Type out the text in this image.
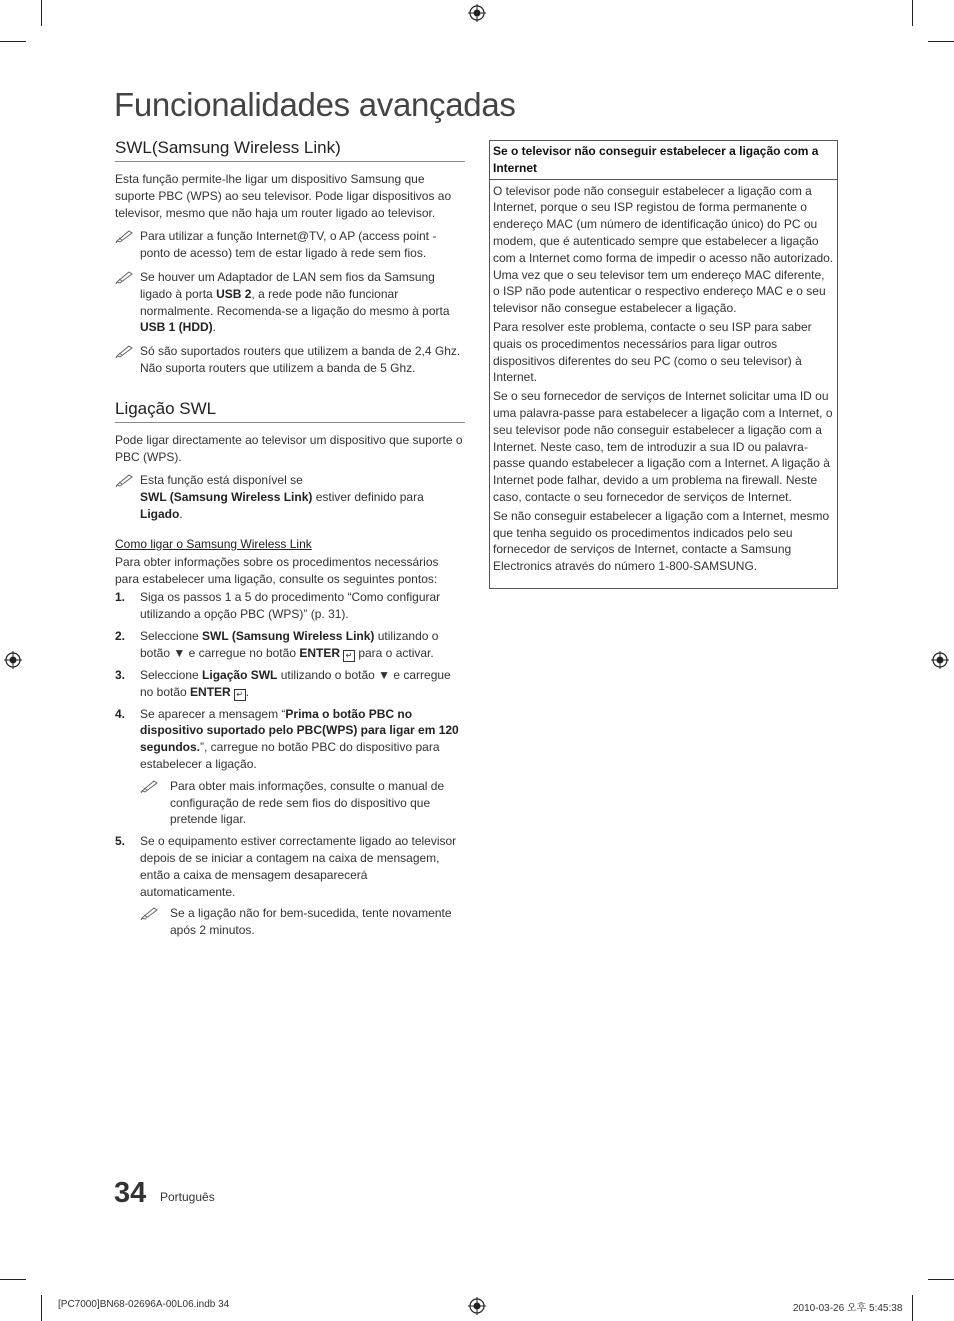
Funcionalidades avançadas
SWL(Samsung Wireless Link)

Esta função permite-lhe ligar um dispositivo Samsung que suporte PBC (WPS) ao seu televisor. Pode ligar dispositivos ao televisor, mesmo que não haja um router ligado ao televisor.

Para utilizar a função Internet@TV, o AP (access point - ponto de acesso) tem de estar ligado à rede sem fios.
Se houver um Adaptador de LAN sem fios da Samsung ligado à porta USB 2, a rede pode não funcionar normalmente. Recomenda-se a ligação do mesmo à porta USB 1 (HDD).
Só são suportados routers que utilizem a banda de 2,4 Ghz. Não suporta routers que utilizem a banda de 5 Ghz.
Ligação SWL

Pode ligar directamente ao televisor um dispositivo que suporte o PBC (WPS).

Esta função está disponível se
SWL (Samsung Wireless Link) estiver definido para Ligado.
Como ligar o Samsung Wireless Link

Para obter informações sobre os procedimentos necessários para estabelecer uma ligação, consulte os seguintes pontos:

1. Siga os passos 1 a 5 do procedimento “Como configurar utilizando a opção PBC (WPS)” (p. 31).
2. Seleccione SWL (Samsung Wireless Link) utilizando o botão ▼ e carregue no botão ENTER ↵ para o activar.
3. Seleccione Ligação SWL utilizando o botão ▼ e carregue no botão ENTER ↵ .
4. Se aparecer a mensagem “Prima o botão PBC no dispositivo suportado pelo PBC(WPS) para ligar em 120 segundos.”, carregue no botão PBC do dispositivo para estabelecer a ligação.
Para obter mais informações, consulte o manual de configuração de rede sem fios do dispositivo que pretende ligar.
5. Se o equipamento estiver correctamente ligado ao televisor depois de se iniciar a contagem na caixa de mensagem, então a caixa de mensagem desaparecerá automaticamente.
Se a ligação não for bem-sucedida, tente novamente após 2 minutos.
Se o televisor não conseguir estabelecer a ligação com a Internet

O televisor pode não conseguir estabelecer a ligação com a Internet, porque o seu ISP registou de forma permanente o endereço MAC (um número de identificação único) do PC ou modem, que é autenticado sempre que estabelecer a ligação com a Internet como forma de impedir o acesso não autorizado. Uma vez que o seu televisor tem um endereço MAC diferente, o ISP não pode autenticar o respectivo endereço MAC e o seu televisor não consegue estabelecer a ligação.

Para resolver este problema, contacte o seu ISP para saber quais os procedimentos necessários para ligar outros dispositivos diferentes do seu PC (como o seu televisor) à Internet.

Se o seu fornecedor de serviços de Internet solicitar uma ID ou uma palavra-passe para estabelecer a ligação com a Internet, o seu televisor pode não conseguir estabelecer a ligação com a Internet. Neste caso, tem de introduzir a sua ID ou palavra-passe quando estabelecer a ligação com a Internet. A ligação à Internet pode falhar, devido a um problema na firewall. Neste caso, contacte o seu fornecedor de serviços de Internet.

Se não conseguir estabelecer a ligação com a Internet, mesmo que tenha seguido os procedimentos indicados pelo seu fornecedor de serviços de Internet, contacte a Samsung Electronics através do número 1-800-SAMSUNG.

34 Português
[PC7000]BN68-02696A-00L06.indb 34	2010-03-26 오후 5:45:38
